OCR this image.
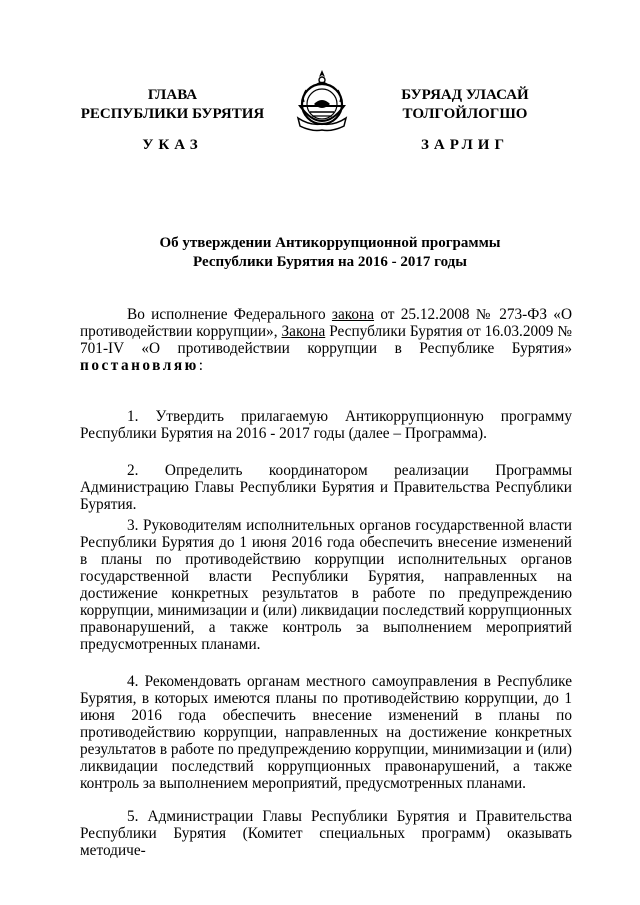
ГЛАВА
РЕСПУБЛИКИ БУРЯТИЯ
БУРЯАД УЛАСАЙ
ТОЛГОЙЛОГШО
УКАЗ	ЗАРЛИГ
Об утверждении Антикоррупционной программы
Республики Бурятия на 2016 - 2017 годы
Во исполнение Федерального закона от 25.12.2008 № 273-ФЗ «О противодействии коррупции», Закона Республики Бурятия от 16.03.2009 № 701-IV «О противодействии коррупции в Республике Бурятия» постановляю:
1. Утвердить прилагаемую Антикоррупционную программу Республики Бурятия на 2016 - 2017 годы (далее – Программа).
2. Определить координатором реализации Программы Администрацию Главы Республики Бурятия и Правительства Республики Бурятия.
3. Руководителям исполнительных органов государственной власти Республики Бурятия до 1 июня 2016 года обеспечить внесение изменений в планы по противодействию коррупции исполнительных органов государственной власти Республики Бурятия, направленных на достижение конкретных результатов в работе по предупреждению коррупции, минимизации и (или) ликвидации последствий коррупционных правонарушений, а также контроль за выполнением мероприятий предусмотренных планами.
4. Рекомендовать органам местного самоуправления в Республике Бурятия, в которых имеются планы по противодействию коррупции, до 1 июня 2016 года обеспечить внесение изменений в планы по противодействию коррупции, направленных на достижение конкретных результатов в работе по предупреждению коррупции, минимизации и (или) ликвидации последствий коррупционных правонарушений, а также контроль за выполнением мероприятий, предусмотренных планами.
5. Администрации Главы Республики Бурятия и Правительства Республики Бурятия (Комитет специальных программ) оказывать методиче-
